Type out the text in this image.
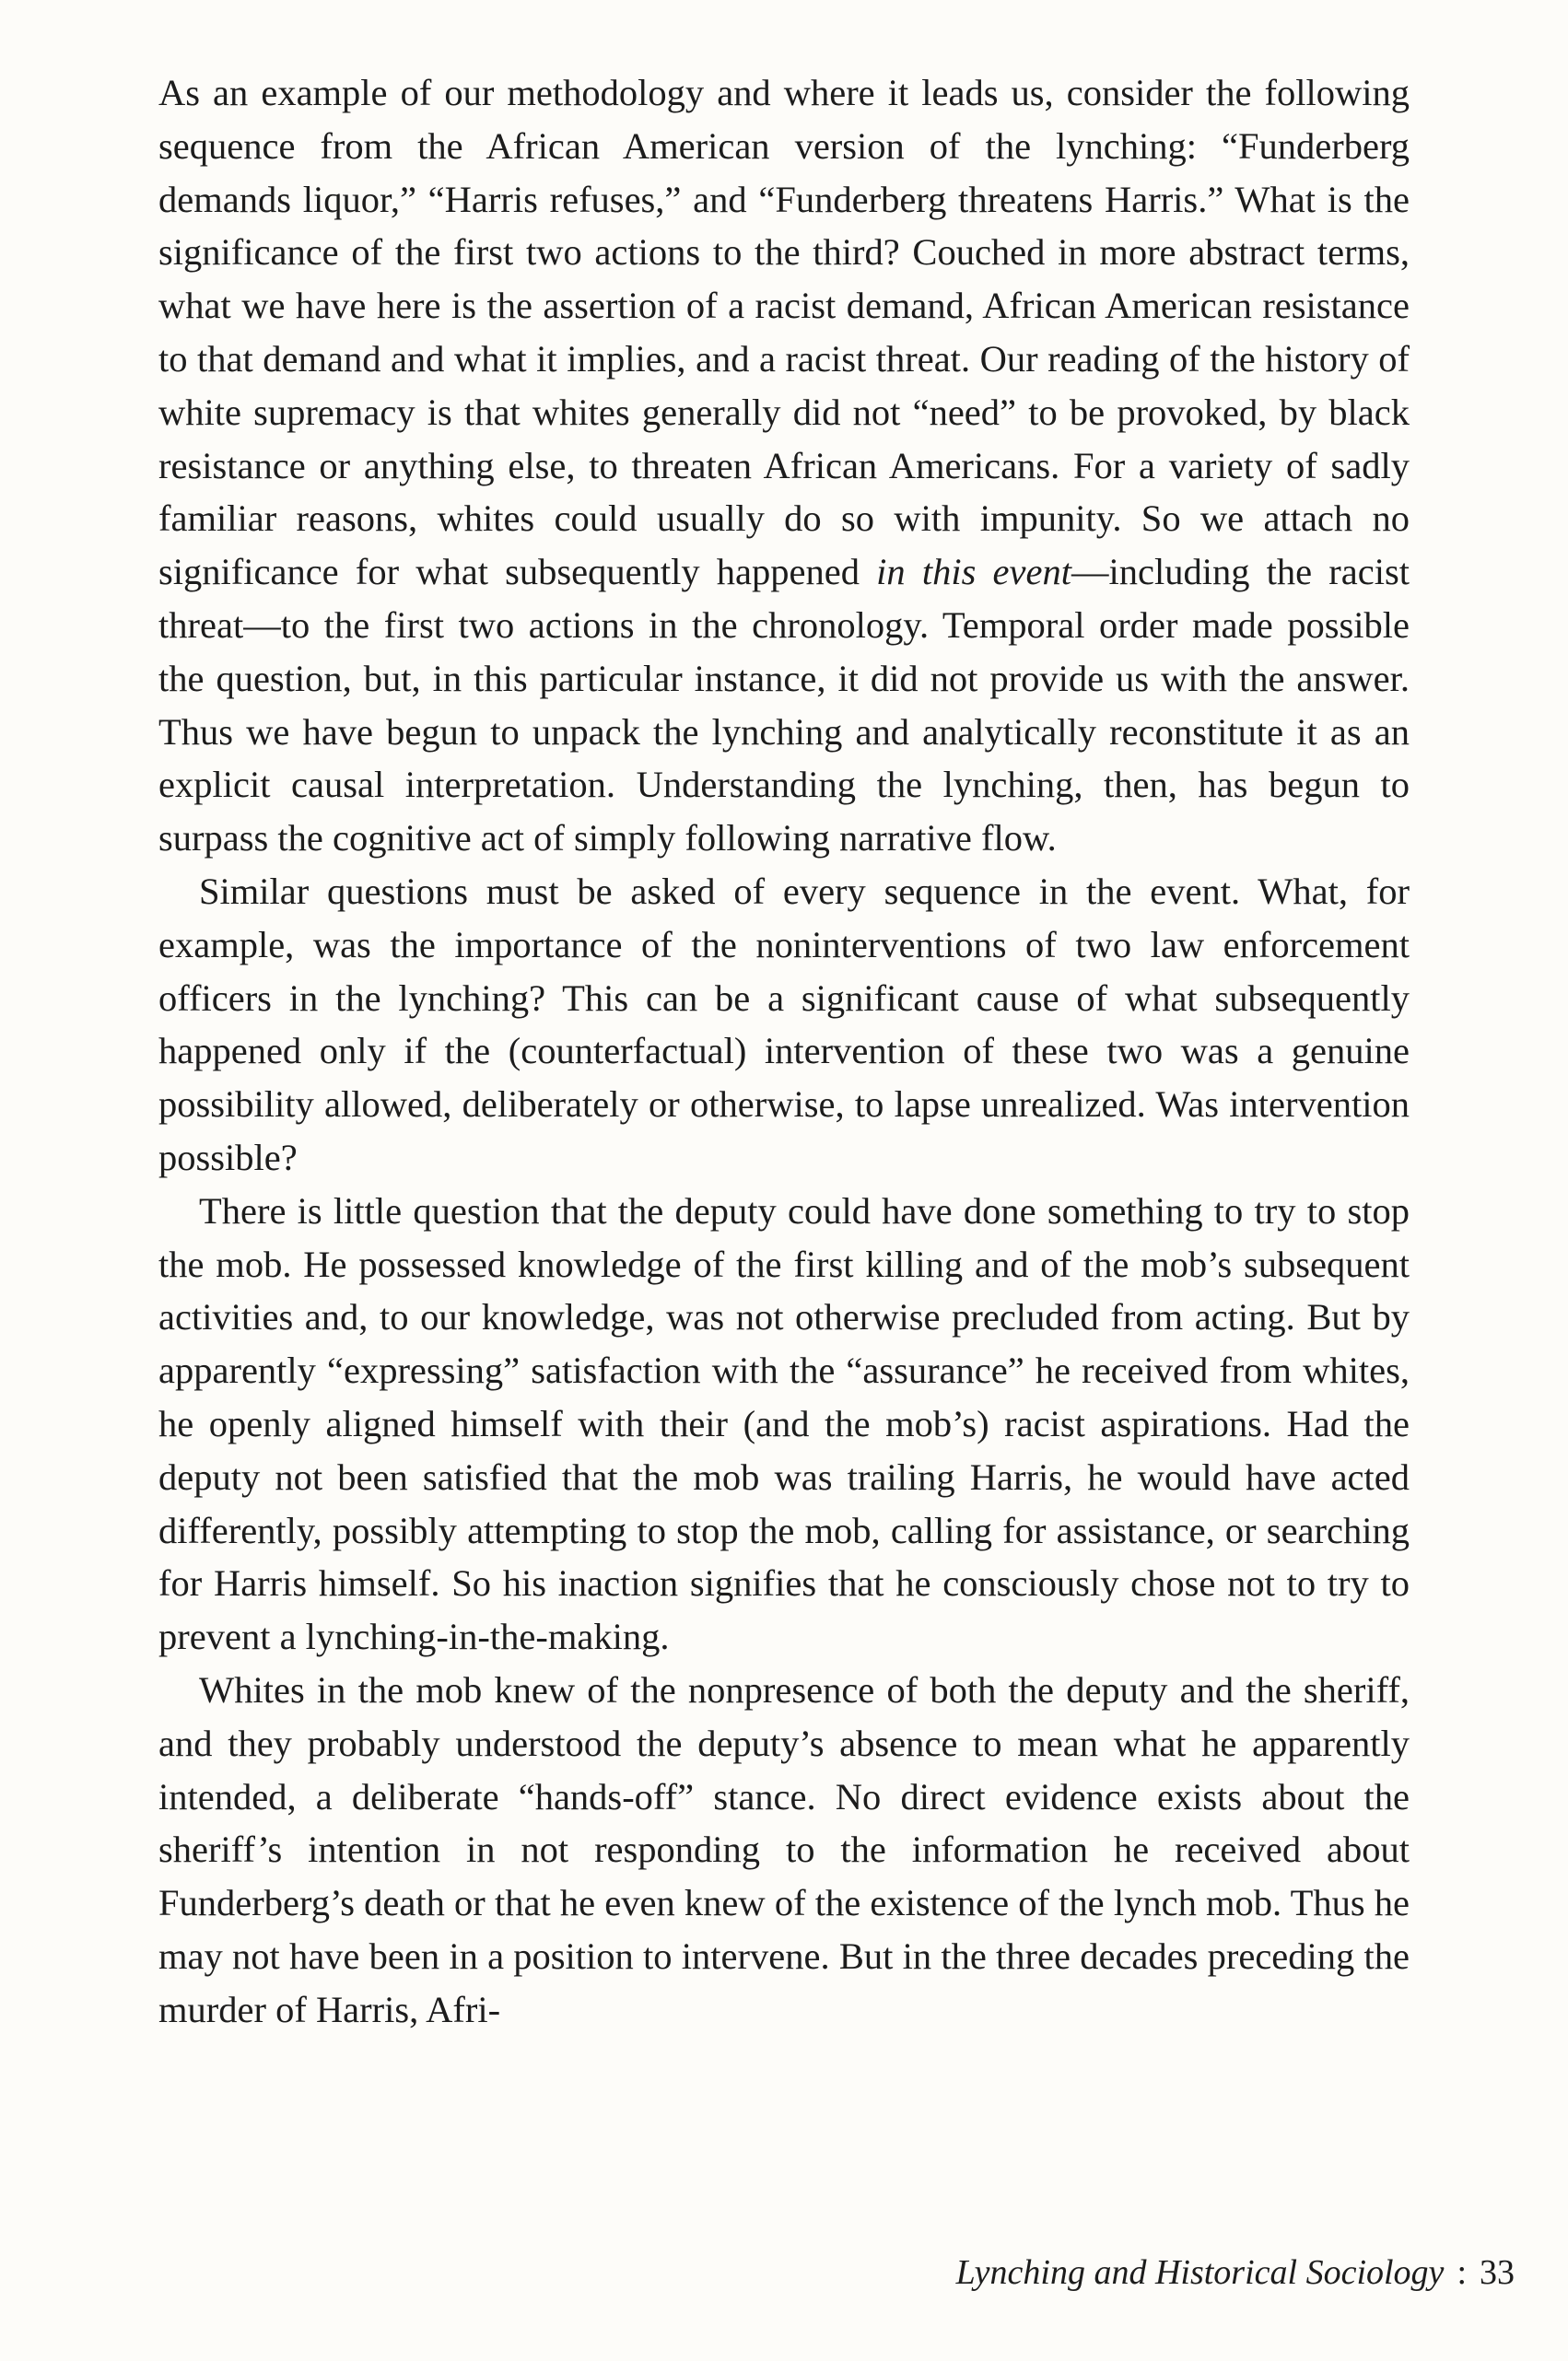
As an example of our methodology and where it leads us, consider the following sequence from the African American version of the lynching: “Funderberg demands liquor,” “Harris refuses,” and “Funderberg threatens Harris.” What is the significance of the first two actions to the third? Couched in more abstract terms, what we have here is the assertion of a racist demand, African American resistance to that demand and what it implies, and a racist threat. Our reading of the history of white supremacy is that whites generally did not “need” to be provoked, by black resistance or anything else, to threaten African Americans. For a variety of sadly familiar reasons, whites could usually do so with impunity. So we attach no significance for what subsequently happened in this event—including the racist threat—to the first two actions in the chronology. Temporal order made possible the question, but, in this particular instance, it did not provide us with the answer. Thus we have begun to unpack the lynching and analytically reconstitute it as an explicit causal interpretation. Understanding the lynching, then, has begun to surpass the cognitive act of simply following narrative flow.

Similar questions must be asked of every sequence in the event. What, for example, was the importance of the noninterventions of two law enforcement officers in the lynching? This can be a significant cause of what subsequently happened only if the (counterfactual) intervention of these two was a genuine possibility allowed, deliberately or otherwise, to lapse unrealized. Was intervention possible?

There is little question that the deputy could have done something to try to stop the mob. He possessed knowledge of the first killing and of the mob’s subsequent activities and, to our knowledge, was not otherwise precluded from acting. But by apparently “expressing” satisfaction with the “assurance” he received from whites, he openly aligned himself with their (and the mob’s) racist aspirations. Had the deputy not been satisfied that the mob was trailing Harris, he would have acted differently, possibly attempting to stop the mob, calling for assistance, or searching for Harris himself. So his inaction signifies that he consciously chose not to try to prevent a lynching-in-the-making.

Whites in the mob knew of the nonpresence of both the deputy and the sheriff, and they probably understood the deputy’s absence to mean what he apparently intended, a deliberate “hands-off” stance. No direct evidence exists about the sheriff’s intention in not responding to the information he received about Funderberg’s death or that he even knew of the existence of the lynch mob. Thus he may not have been in a position to intervene. But in the three decades preceding the murder of Harris, Afri-

Lynching and Historical Sociology : 33
